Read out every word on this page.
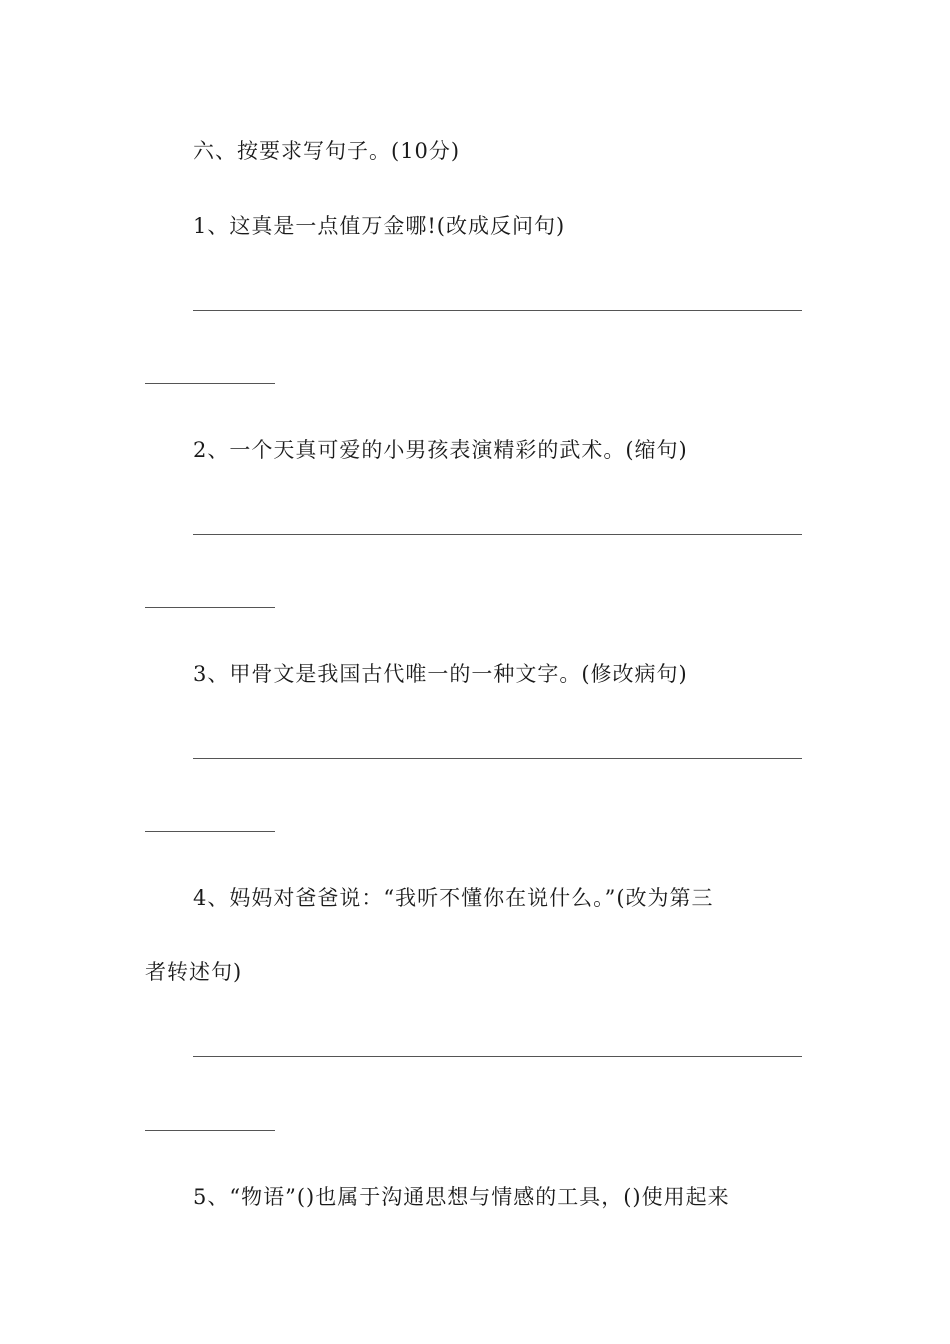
六、按要求写句子。(10分)
1、这真是一点值万金哪!(改成反问句)
2、一个天真可爱的小男孩表演精彩的武术。(缩句)
3、甲骨文是我国古代唯一的一种文字。(修改病句)
4、妈妈对爸爸说：“我听不懂你在说什么。”(改为第三
者转述句)
5、“物语”()也属于沟通思想与情感的工具，()使用起来
